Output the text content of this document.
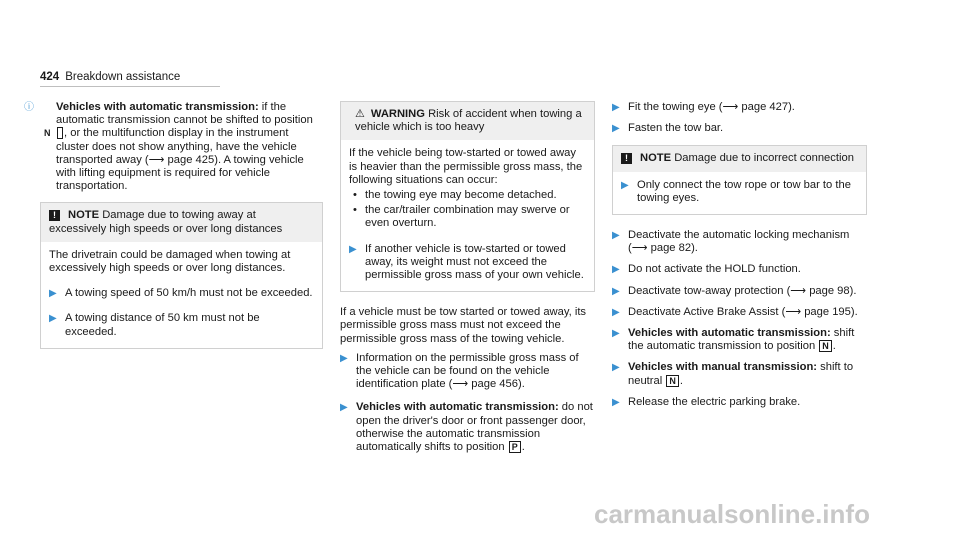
424 Breakdown assistance

ⓘ Vehicles with automatic transmission: if the automatic transmission cannot be shifted to position N , or the multifunction display in the instrument cluster does not show anything, have the vehicle transported away (⟶ page 425). A towing vehicle with lifting equipment is required for vehicle transportation.

! NOTE Damage due to towing away at excessively high speeds or over long distances
The drivetrain could be damaged when towing at excessively high speeds or over long distances.
▶ A towing speed of 50 km/h must not be exceeded.
▶ A towing distance of 50 km must not be exceeded.
⚠ WARNING Risk of accident when towing a vehicle which is too heavy
If the vehicle being tow-started or towed away is heavier than the permissible gross mass, the following situations can occur:
• the towing eye may become detached.
• the car/trailer combination may swerve or even overturn.
▶ If another vehicle is tow-started or towed away, its weight must not exceed the permissible gross mass of your own vehicle.

If a vehicle must be tow started or towed away, its permissible gross mass must not exceed the permissible gross mass of the towing vehicle.

▶ Information on the permissible gross mass of the vehicle can be found on the vehicle identification plate (⟶ page 456).
▶ Vehicles with automatic transmission: do not open the driver's door or front passenger door, otherwise the automatic transmission automatically shifts to position P .
▶ Fit the towing eye (⟶ page 427).
▶ Fasten the tow bar.
! NOTE Damage due to incorrect connection
▶ Only connect the tow rope or tow bar to the towing eyes.
▶ Deactivate the automatic locking mechanism (⟶ page 82).
▶ Do not activate the HOLD function.
▶ Deactivate tow-away protection (⟶ page 98).
▶ Deactivate Active Brake Assist (⟶ page 195).
▶ Vehicles with automatic transmission: shift the automatic transmission to position N .
▶ Vehicles with manual transmission: shift to neutral N .
▶ Release the electric parking brake.
carmanualsonline.info
